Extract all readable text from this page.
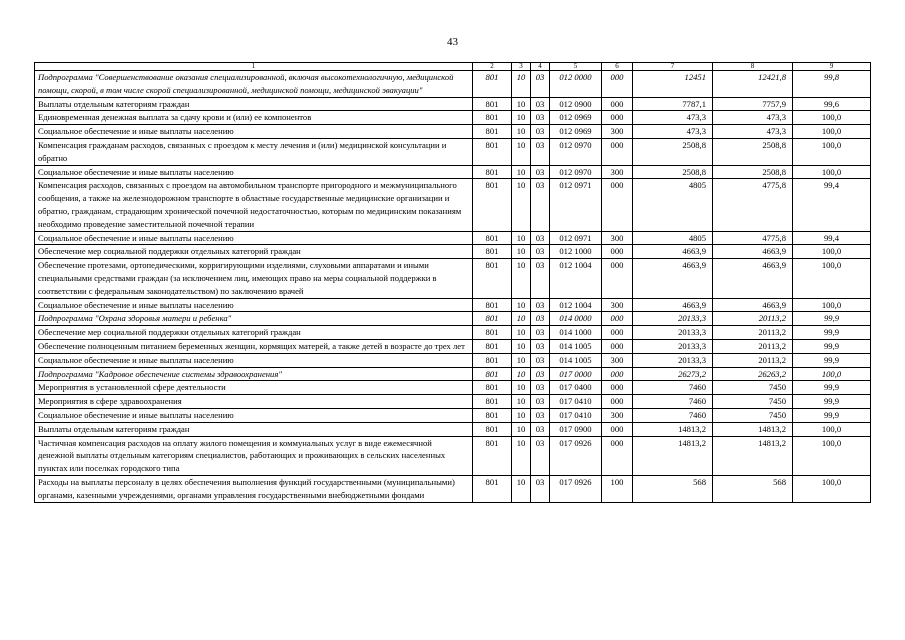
43
1	2	3	4	5	6	7	8	9
Подпрограмма "Совершенствование оказания специализированной, включая высокотехнологичную, медицинской помощи, скорой, в том числе скорой специализированной, медицинской помощи, медицинской эвакуации"	801	10	03	012 0000	000	12451	12421,8	99,8
Выплаты отдельным категориям граждан	801	10	03	012 0900	000	7787,1	7757,9	99,6
Единовременная денежная выплата за сдачу крови и (или) ее компонентов	801	10	03	012 0969	000	473,3	473,3	100,0
Социальное обеспечение и иные выплаты населению	801	10	03	012 0969	300	473,3	473,3	100,0
Компенсация гражданам расходов, связанных с проездом к месту лечения и (или) медицинской консультации и обратно	801	10	03	012 0970	000	2508,8	2508,8	100,0
Социальное обеспечение и иные выплаты населению	801	10	03	012 0970	300	2508,8	2508,8	100,0
Компенсация расходов, связанных с проездом на автомобильном транспорте пригородного и межмуниципального сообщения, а также на железнодорожном транспорте в областные государственные медицинские организации и обратно, гражданам, страдающим хронической почечной недостаточностью, которым по медицинским показаниям необходимо проведение заместительной почечной терапии	801	10	03	012 0971	000	4805	4775,8	99,4
Социальное обеспечение и иные выплаты населению	801	10	03	012 0971	300	4805	4775,8	99,4
Обеспечение мер социальной поддержки отдельных категорий граждан	801	10	03	012 1000	000	4663,9	4663,9	100,0
Обеспечение протезами, ортопедическими, корригирующими изделиями, слуховыми аппаратами и иными специальными средствами граждан (за исключением лиц, имеющих право на меры социальной поддержки в соответствии с федеральным законодательством) по заключению врачей	801	10	03	012 1004	000	4663,9	4663,9	100,0
Социальное обеспечение и иные выплаты населению	801	10	03	012 1004	300	4663,9	4663,9	100,0
Подпрограмма "Охрана здоровья матери и ребенка"	801	10	03	014 0000	000	20133,3	20113,2	99,9
Обеспечение мер социальной поддержки отдельных категорий граждан	801	10	03	014 1000	000	20133,3	20113,2	99,9
Обеспечение полноценным питанием беременных женщин, кормящих матерей, а также детей в возрасте до трех лет	801	10	03	014 1005	000	20133,3	20113,2	99,9
Социальное обеспечение и иные выплаты населению	801	10	03	014 1005	300	20133,3	20113,2	99,9
Подпрограмма "Кадровое обеспечение системы здравоохранения"	801	10	03	017 0000	000	26273,2	26263,2	100,0
Мероприятия в установленной сфере деятельности	801	10	03	017 0400	000	7460	7450	99,9
Мероприятия в сфере здравоохранения	801	10	03	017 0410	000	7460	7450	99,9
Социальное обеспечение и иные выплаты населению	801	10	03	017 0410	300	7460	7450	99,9
Выплаты отдельным категориям граждан	801	10	03	017 0900	000	14813,2	14813,2	100,0
Частичная компенсация расходов на оплату жилого помещения и коммунальных услуг в виде ежемесячной денежной выплаты отдельным категориям специалистов, работающих и проживающих в сельских населенных пунктах или поселках городского типа	801	10	03	017 0926	000	14813,2	14813,2	100,0
Расходы на выплаты персоналу в целях обеспечения выполнения функций государственными (муниципальными) органами, казенными учреждениями, органами управления государственными внебюджетными фондами	801	10	03	017 0926	100	568	568	100,0
